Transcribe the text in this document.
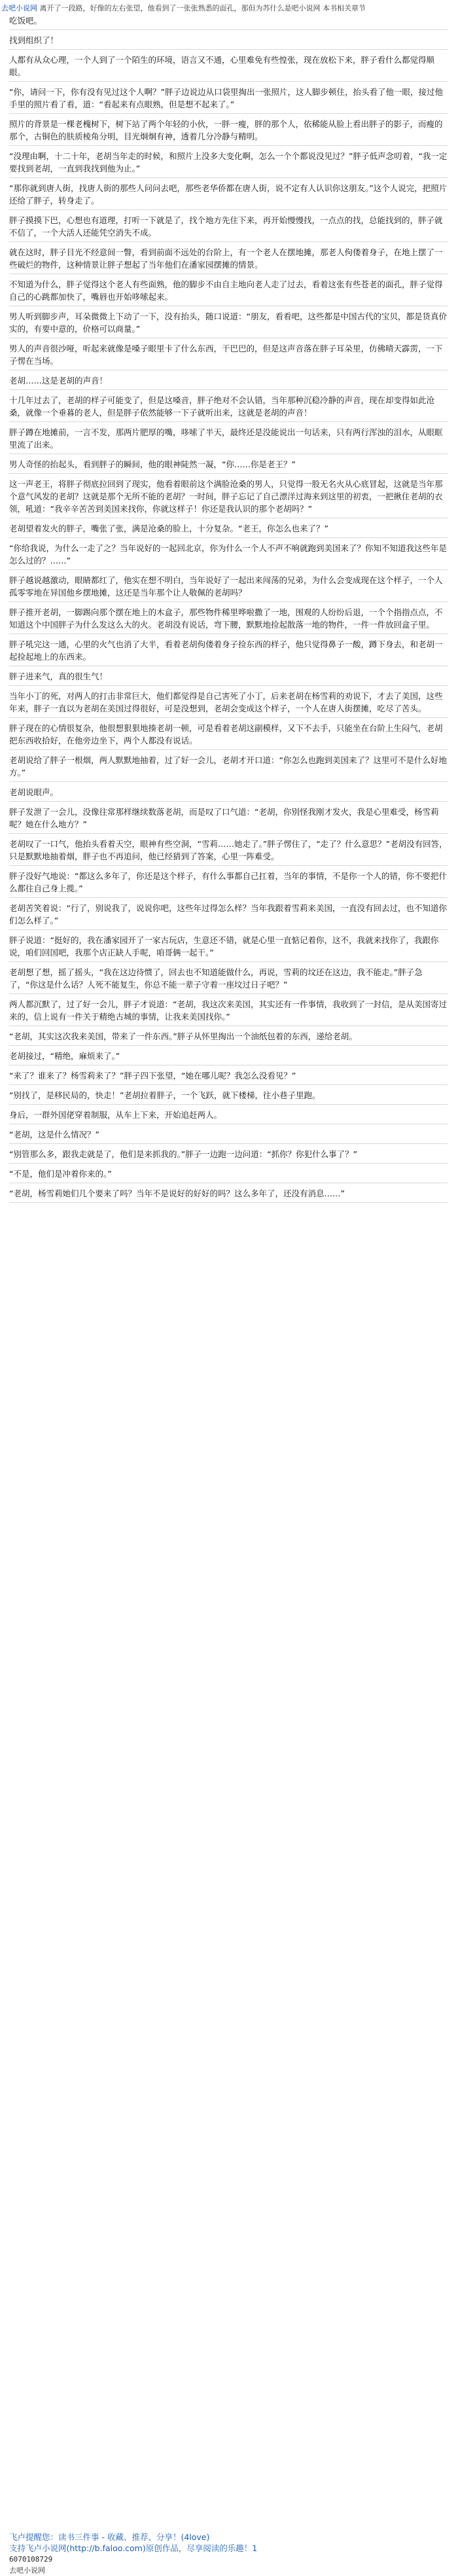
去吧小说网 离开了一段路，好像的左右张望，他看到了一张张熟悉的面孔，那但为苏什么是吧小说网 本书相关章节

吃饭吧。

找到组织了！

人都有从众心理，一个人到了一个陌生的环境，语言又不通，心里难免有些惶张，现在放松下来，胖子看什么都觉得顺眼。

“你，请问一下，你有没有见过这个人啊？”胖子边说边从口袋里掏出一张照片，这人脚步顿住，抬头看了他一眼，接过他手里的照片看了看，道：“看起来有点眼熟，但是想不起来了。”

照片的背景是一棵老槐树下，树下站了两个年轻的小伙，一胖一瘦，胖的那个人，依稀能从脸上看出胖子的影子，而瘦的那个，古铜色的肤质棱角分明，目光炯炯有神，透着几分冷静与精明。

“没理由啊，十二十年，老胡当年走的时候，和照片上没多大变化啊，怎么一个个都说没见过？”胖子低声念叨着，“我一定要找到老胡，一直到我找到他为止。”

“那你就到唐人街，找唐人街的那些人问问去吧，那些老华侨都在唐人街，说不定有人认识你这朋友。”这个人说完，把照片还给了胖子，转身走了。

胖子摸摸下巴，心想也有道理，打听一下就是了，找个地方先住下来，再开始慢慢找，一点点的找，总能找到的，胖子就不信了，一个大活人还能凭空消失不成。

就在这时，胖子目光不经意间一瞥，看到前面不远处的台阶上，有一个老人在摆地摊，那老人佝偻着身子，在地上摆了一些破烂的物件，这种情景让胖子想起了当年他们在潘家园摆摊的情景。

不知道为什么，胖子觉得这个老人有些面熟，他的脚步不由自主地向老人走了过去，看着这张有些苍老的面孔，胖子觉得自己的心跳都加快了，嘴唇也开始哆嗦起来。

男人听到脚步声，耳朵微微上下动了一下，没有抬头，随口说道：“朋友，看看吧，这些都是中国古代的宝贝，都是货真价实的，有要中意的，价格可以商量。”

男人的声音很沙哑，听起来就像是嗓子眼里卡了什么东西，干巴巴的，但是这声音落在胖子耳朵里，仿佛晴天霹雳，一下子愣在当场。

老胡……这是老胡的声音！

十几年过去了，老胡的样子可能变了，但是这嗓音，胖子绝对不会认错，当年那种沉稳冷静的声音，现在却变得如此沧桑，就像一个垂暮的老人，但是胖子依然能够一下子就听出来，这就是老胡的声音！

胖子蹲在地摊前，一言不发，那两片肥厚的嘴，哆嗦了半天，最终还是没能说出一句话来，只有两行浑浊的泪水，从眼眶里流了出来。

男人奇怪的抬起头，看到胖子的瞬间，他的眼神陡然一凝，“你……你是老王？”

这一声老王，将胖子彻底拉回到了现实，他看着眼前这个满脸沧桑的男人，只觉得一股无名火从心底冒起，这就是当年那个意气风发的老胡？这就是那个无所不能的老胡？一时间，胖子忘记了自己漂洋过海来到这里的初衷，一把揪住老胡的衣领，吼道：“我辛辛苦苦到美国来找你，你就这样子！你还是我认识的那个老胡吗？”

老胡望着发火的胖子，嘴张了张，满是沧桑的脸上，十分复杂。“老王，你怎么也来了？”

“你给我说，为什么一走了之？当年说好的一起回北京，你为什么一个人不声不响就跑到美国来了？你知不知道我这些年是怎么过的？……”

胖子越说越激动，眼睛都红了，他实在想不明白，当年说好了一起出来闯荡的兄弟，为什么会变成现在这个样子，一个人孤零零地在异国他乡摆地摊，这还是当年那个让人敬佩的老胡吗？

胖子推开老胡，一脚踢向那个摆在地上的木盒子，那些物件稀里哗啦撒了一地，围观的人纷纷后退，一个个指指点点，不知道这个中国胖子为什么发这么大的火。老胡没有说话，弯下腰，默默地捡起散落一地的物件，一件一件放回盒子里。

胖子吼完这一通，心里的火气也消了大半，看着老胡佝偻着身子捡东西的样子，他只觉得鼻子一酸，蹲下身去，和老胡一起捡起地上的东西来。

胖子进来气，真的很生气！

当年小丁的死，对两人的打击非常巨大，他们都觉得是自己害死了小丁，后来老胡在杨雪莉的劝说下，才去了美国，这些年来，胖子一直以为老胡在美国过得很好，可是没想到，老胡会变成这个样子，一个人在唐人街摆摊，吃尽了苦头。

胖子现在的心情很复杂，他很想狠狠地揍老胡一顿，可是看着老胡这副模样，又下不去手，只能坐在台阶上生闷气，老胡把东西收拾好，在他旁边坐下，两个人都没有说话。

老胡说给了胖子一根烟，两人默默地抽着，过了好一会儿，老胡才开口道：“你怎么也跑到美国来了？这里可不是什么好地方。”

老胡说眼声。

胖子发泄了一会儿，没像往常那样继续数落老胡，而是叹了口气道：“老胡，你别怪我刚才发火，我是心里难受，杨雪莉呢？她在什么地方？”

老胡叹了一口气，他抬头看着天空，眼神有些空洞，“雪莉……她走了。”胖子愣住了，“走了？什么意思？”老胡没有回答，只是默默地抽着烟，胖子也不再追问，他已经猜到了答案，心里一阵难受。

胖子没好气地说：“都这么多年了，你还是这个样子，有什么事都自己扛着，当年的事情，不是你一个人的错，你不要把什么都往自己身上揽。”

老胡苦笑着说：“行了，别说我了，说说你吧，这些年过得怎么样？当年我跟着雪莉来美国，一直没有回去过，也不知道你们怎么样了。”

胖子说道：“挺好的，我在潘家园开了一家古玩店，生意还不错，就是心里一直惦记着你，这不，我就来找你了，我跟你说，咱们回国吧，我那个店正缺人手呢，咱哥俩一起干。”

老胡想了想，摇了摇头，“我在这边待惯了，回去也不知道能做什么，再说，雪莉的坟还在这边，我不能走。”胖子急了，“你这是什么话？人死不能复生，你总不能一辈子守着一座坟过日子吧？”

两人都沉默了，过了好一会儿，胖子才说道：“老胡，我这次来美国，其实还有一件事情，我收到了一封信，是从美国寄过来的，信上说有一件关于精绝古城的事情，让我来美国找你。”

“老胡，其实这次我来美国，带来了一件东西。”胖子从怀里掏出一个油纸包着的东西，递给老胡。

老胡接过，“精绝，麻烦来了。”

“来了？谁来了？杨雪莉来了？”胖子四下张望，“她在哪儿呢？我怎么没看见？”

“别找了，是移民局的，快走！”老胡拉着胖子，一个飞跃，就下楼梯，往小巷子里跑。

身后，一群外国佬穿着制服，从车上下来，开始追赶两人。

“老胡，这是什么情况？”

“别管那么多，跟我走就是了，他们是来抓我的。”胖子一边跑一边问道：“抓你？你犯什么事了？”

“不是，他们是冲着你来的。”

“老胡，杨雪莉她们几个要来了吗？当年不是说好的好好的吗？这么多年了，还没有消息……”

飞卢提醒您：读书三件事 - 收藏、推荐、分享！(4love)
支持飞卢小说网(http://b.faloo.com)原创作品，尽享阅读的乐趣！1
6070108729
去吧小说网
